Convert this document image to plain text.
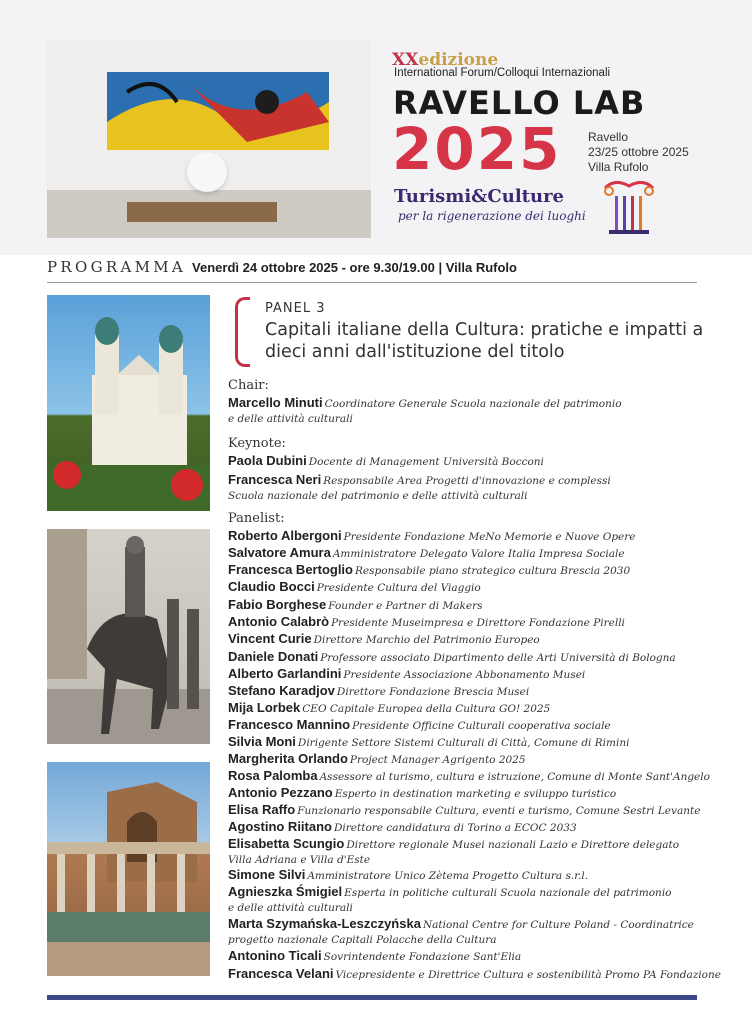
XXedizione
International Forum/Colloqui Internazionali
RAVELLO LAB
2025 Ravello
23/25 ottobre 2025
Villa Rufolo
Turismi&Culture
per la rigenerazione dei luoghi
PROGRAMMA Venerdì 24 ottobre 2025 - ore 9.30/19.00 | Villa Rufolo
PANEL 3
Capitali italiane della Cultura: pratiche e impatti a dieci anni dall'istituzione del titolo
Chair:
Marcello Minuti Coordinatore Generale Scuola nazionale del patrimonio
e delle attività culturali
Keynote:
Paola Dubini Docente di Management Università Bocconi
Francesca Neri Responsabile Area Progetti d'innovazione e complessi
Scuola nazionale del patrimonio e delle attività culturali
Panelist:
Roberto Albergoni Presidente Fondazione MeNo Memorie e Nuove Opere
Salvatore Amura Amministratore Delegato Valore Italia Impresa Sociale
Francesca Bertoglio Responsabile piano strategico cultura Brescia 2030
Claudio Bocci Presidente Cultura del Viaggio
Fabio Borghese Founder e Partner di Makers
Antonio Calabrò Presidente Museimpresa e Direttore Fondazione Pirelli
Vincent Curie Direttore Marchio del Patrimonio Europeo
Daniele Donati Professore associato Dipartimento delle Arti Università di Bologna
Alberto Garlandini Presidente Associazione Abbonamento Musei
Stefano Karadjov Direttore Fondazione Brescia Musei
Mija Lorbek CEO Capitale Europea della Cultura GO! 2025
Francesco Mannino Presidente Officine Culturali cooperativa sociale
Silvia Moni Dirigente Settore Sistemi Culturali di Città, Comune di Rimini
Margherita Orlando Project Manager Agrigento 2025
Rosa Palomba Assessore al turismo, cultura e istruzione, Comune di Monte Sant'Angelo
Antonio Pezzano Esperto in destination marketing e sviluppo turistico
Elisa Raffo Funzionario responsabile Cultura, eventi e turismo, Comune Sestri Levante
Agostino Riitano Direttore candidatura di Torino a ECOC 2033
Elisabetta Scungio Direttore regionale Musei nazionali Lazio e Direttore delegato
Villa Adriana e Villa d'Este
Simone Silvi Amministratore Unico Zètema Progetto Cultura s.r.l.
Agnieszka Śmigiel Esperta in politiche culturali Scuola nazionale del patrimonio
e delle attività culturali
Marta Szymańska-Leszczyńska National Centre for Culture Poland - Coordinatrice
progetto nazionale Capitali Polacche della Cultura
Antonino Ticali Sovrintendente Fondazione Sant'Elia
Francesca Velani Vicepresidente e Direttrice Cultura e sostenibilità Promo PA Fondazione
